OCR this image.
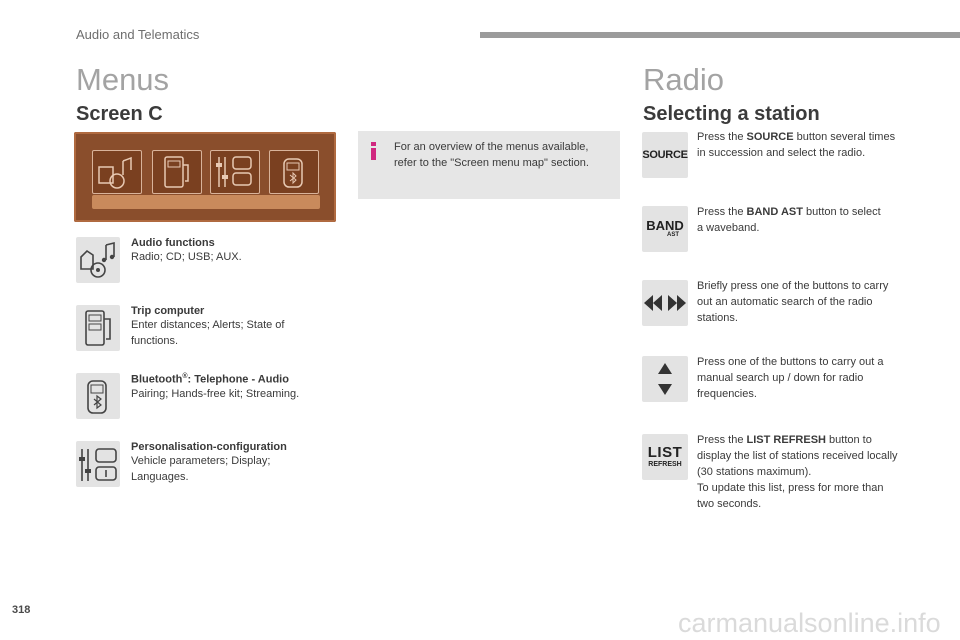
Audio and Telematics
Menus
Screen C
Audio functions
Radio; CD; USB; AUX.
Trip computer
Enter distances; Alerts; State of functions.
Bluetooth®: Telephone - Audio
Pairing; Hands-free kit; Streaming.
Personalisation-configuration
Vehicle parameters; Display; Languages.
For an overview of the menus available, refer to the "Screen menu map" section.
Radio
Selecting a station
SOURCE
BAND
AST
LIST
REFRESH
Press the SOURCE button several times in succession and select the radio.
Press the BAND AST button to select a waveband.
Briefly press one of the buttons to carry out an automatic search of the radio stations.
Press one of the buttons to carry out a manual search up / down for radio frequencies.
Press the LIST REFRESH button to display the list of stations received locally (30 stations maximum).
To update this list, press for more than two seconds.
318	carmanualsonline.info
